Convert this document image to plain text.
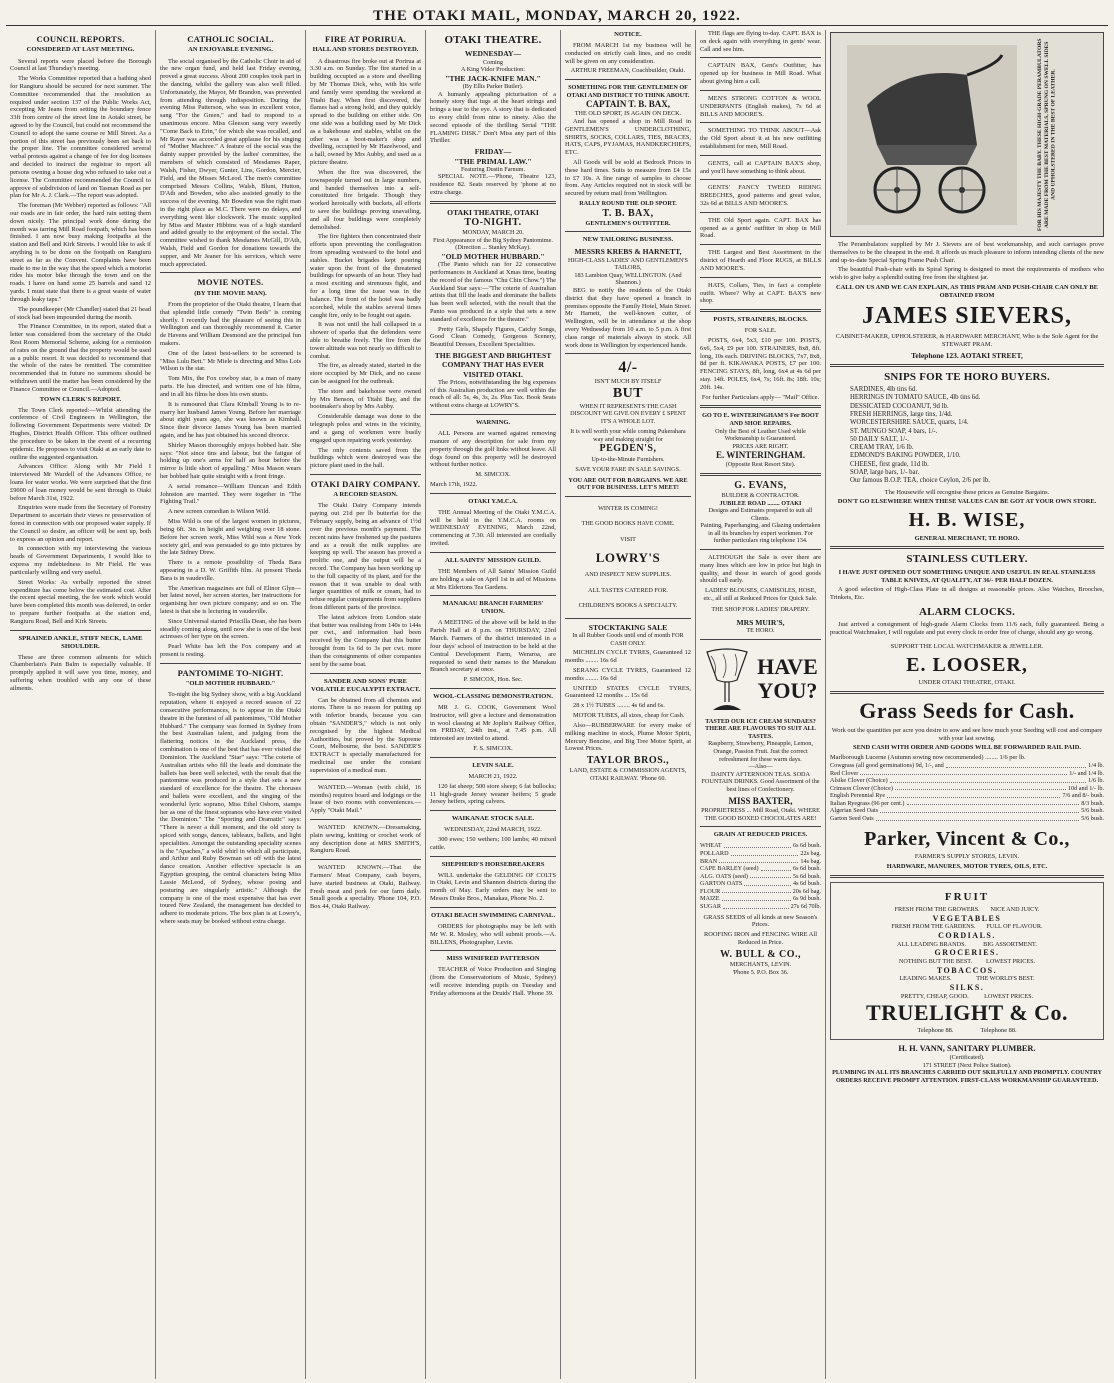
THE OTAKI MAIL, MONDAY, MARCH 20, 1922.
COUNCIL REPORTS.
CONSIDERED AT LAST MEETING.

Several reports were placed before the Borough Council at last Thursday's meeting.

The Works Committee reported that a bathing shed for Rangiuru should be secured for next summer. The Committee recommended that the resolution as required under section 137 of the Public Works Act, excepting Mr Jeans from setting the boundary fence 33ft from centre of the street line in Aotaki street, be agreed to by the Council, but could not recommend the Council to adopt the same course re Mill Street. As a portion of this street has previously been set back to the proper line. The committee considered several verbal protests against a change of fee for dog licenses and decided to instruct the registrar to report all persons owning a house dog who refused to take out a license. The Committee recommended the Council to approve of subdivision of land on Tasman Road as per plan for Mr A. J. Clark.—The report was adopted.

The foreman (Mr Webber) reported as follows: "All our roads are in fair order, the hard rain setting them down nicely. The principal work done during the month was tarring Mill Road footpath, which has been finished. I am now busy making footpaths at the station and Bell and Kirk Streets. I would like to ask if anything is to be done on the footpath on Rangiuru street as far as the Convent. Complaints have been made to me in the way that the speed which a motorist rides his motor bike through the town and on the roads. I have on hand some 25 barrels and sand 12 yards. I must state that there is a great waste of water through leaky taps."

The poundkeeper (Mr Chandler) stated that 21 head of stock had been impounded during the month.

The Finance Committee, in its report, stated that a letter was considered from the secretary of the Otaki Rest Room Memorial Scheme, asking for a remission of rates on the ground that the property would be used as a public resort. It was decided to recommend that the whole of the rates be remitted. The committee recommended that in future no summons should be withdrawn until the matter has been considered by the Finance Committee or Council.—Adopted.

TOWN CLERK'S REPORT.

The Town Clerk reported:—Whilst attending the conference of Civil Engineers in Wellington, the following Government Departments were visited: Dr Hughes, District Health Officer. This officer outlined the procedure to be taken in the event of a recurring epidemic. He proposes to visit Otaki at an early date to outline the suggested organisation.

Advances Office: Along with Mr Field I interviewed Mr Wardell of the Advances Office, re loans for water works. We were surprised that the first £9000 of loan money would be sent through to Otaki before March 31st, 1922.

Enquiries were made from the Secretary of Forestry Department to ascertain their views re preservation of forest in connection with our proposed water supply. If the Council so desire, an officer will be sent up, both to express an opinion and report.

In connection with my interviewing the various heads of Government Departments, I would like to express my indebtedness to Mr Field. He was particularly willing and very useful.

Street Works: As verbally reported the street expenditure has come below the estimated cost. After the recent special meeting, the fee work which would have been completed this month was deferred, in order to prepare further footpaths at the station end, Rangiuru Road, Bell and Kirk Streets.

SPRAINED ANKLE, STIFF NECK, LAME SHOULDER.

These are three common ailments for which Chamberlain's Pain Balm is especially valuable. If promptly applied it will save you time, money, and suffering when troubled with any one of these ailments.

CATHOLIC SOCIAL.
AN ENJOYABLE EVENING.

The social organised by the Catholic Choir in aid of the new organ fund, and held last Friday evening, proved a great success. About 200 couples took part in the dancing, whilst the gallery was also well filled. Unfortunately, the Mayor, Mr Brandon, was prevented from attending through indisposition. During the evening Miss Patterson, who was in excellent voice, sang "For the Green," and had to respond to a unanimous encore. Miss Gleeson sang very sweetly "Come Back to Erin," for which she was recalled, and Mr Rayer was accorded great applause for his singing of "Mother Machree." A feature of the social was the dainty supper provided by the ladies' committee, the members of which consisted of Mesdames Raper, Walsh, Fisher, Dwyer, Gunter, Lins, Gordon, Mercier, Field, and the Misses McLeod. The men's committee comprised Messrs Collins, Walsh, Blunt, Hutton, D'Ath and Bowden, who also assisted greatly to the success of the evening. Mr Bowden was the right man in the right place as M.C. There were no delays, and everything went like clockwork. The music supplied by Miss and Master Hibbins was of a high standard and added greatly to the enjoyment of the social. The committee wished to thank Mesdames McGill, D'Ath, Walsh, Field and Gordon for donations towards the supper, and Mr Jeaner for his services, which were much appreciated.

MOVIE NOTES.
(BY THE MOVIE MAN).

From the proprietor of the Otaki theatre, I learn that that splendid little comedy "Twin Beds" is coming shortly. I recently had the pleasure of seeing this in Wellington and can thoroughly recommend it. Carter de Havens and William Desmond are the principal fun makers.

One of the latest best-sellers to be screened is "Miss Lulu Bett." Mr Miele is directing and Miss Lois Wilson is the star.

Tom Mix, the Fox cowboy star, is a man of many parts. He has directed, and written one of his films, and in all his films he does his own stunts.

It is rumoured that Clara Kimball Young is to re-marry her husband James Young. Before her marriage about eight years ago, she was known as Kimball. Since their divorce James Young has been married again, and he has just obtained his second divorce.

Shirley Mason thoroughly enjoys bobbed hair. She says: "Not since tins and labour, but the fatigue of holding up one's arms for half an hour before the mirror is little short of appalling." Miss Mason wears her bobbed hair quite straight with a front fringe.

A serial romance—William Duncan and Edith Johnston are married. They were together in "The Fighting Trail."

A new screen comedian is Wilson Wild.

Miss Wild is one of the largest women in pictures, being 6ft. 3in. in height and weighing over 18 stone. Before her screen work, Miss Wild was a New York society girl, and was persuaded to go into pictures by the late Sidney Drew.

There is a remote possibility of Theda Bara appearing in a D. W. Griffith film. At present Theda Bara is in vaudeville.

The American magazines are full of Elinor Glyn—her latest novel, her screen stories, her instructions for organising her own picture company; and so on. The latest is that she is lecturing in vaudeville.

Since Universal started Priscilla Dean, she has been steadily coming along, until now she is one of the best actresses of her type on the screen.

Pearl White has left the Fox company and at present is resting.

PANTOMIME TO-NIGHT.
"OLD MOTHER HUBBARD."

To-night the big Sydney show, with a big Auckland reputation, where it enjoyed a record season of 22 consecutive performances, is to appear in the Otaki theatre in the funniest of all pantomimes, "Old Mother Hubbard." The company was formed in Sydney from the best Australian talent, and judging from the flattering notices in the Auckland press, the combination is one of the best that has ever visited the Dominion. The Auckland "Star" says: "The coterie of Australian artists who fill the leads and dominate the ballets has been well selected, with the result that the pantomime was produced in a style that sets a new standard of excellence for the theatre. The choruses and ballets were excellent, and the singing of the wonderful lyric soprano, Miss Ethel Osborn, stamps her as one of the finest sopranos who have ever visited the Dominion." The "Sporting and Dramatic" says: "There is never a dull moment, and the old story is spiced with songs, dances, tableaux, ballets, and light specialities. Amongst the outstanding speciality scenes is the "Apaches," a wild whirl in which all participate, and Arthur and Ruby Bowman set off with the latest dance creation. Another effective spectacle is an Egyptian grouping, the central characters being Miss Lassie McLeod, of Sydney, whose posing and posturing are singularly artistic." Although the company is one of the most expensive that has ever toured New Zealand, the management has decided to adhere to moderate prices. The box plan is at Lowry's, where seats may be booked without extra charge.

FIRE AT PORIRUA.
HALL AND STORES DESTROYED.

A disastrous fire broke out at Porirua at 3.30 a.m. on Sunday. The fire started in a building occupied as a store and dwelling by Mr Thomas Dick, who, with his wife and family were spending the weekend at Titahi Bay. When first discovered, the flames had a strong hold, and they quickly spread to the building on either side. On one side was a building used by Mr Dick as a bakehouse and stables, whilst on the other was a boot-maker's shop and dwelling, occupied by Mr Hazelwood, and a hall, owned by Mrs Aubby, and used as a picture theatre.

When the fire was discovered, the townspeople turned out in large numbers, and banded themselves into a self-constituted fire brigade. Though they worked heroically with buckets, all efforts to save the buildings proving unavailing, and all four buildings were completely demolished.

The fire fighters then concentrated their efforts upon preventing the conflagration from spreading westward to the hotel and stables. Bucket brigades kept pouring water upon the front of the threatened buildings for upwards of an hour. They had a most exciting and strenuous fight, and for a long time the issue was in the balance. The front of the hotel was badly scorched, while the stables several times caught fire, only to be fought out again.

It was not until the hall collapsed in a shower of sparks that the defenders were able to breathe freely. The fire from the tower altitude was not nearly so difficult to combat.

The fire, as already stated, started in the store occupied by Mr Dick, and no cause can be assigned for the outbreak.

The store and bakehouse were owned by Mrs Benson, of Titahi Bay, and the bootmaker's shop by Mrs Aubby.

Considerable damage was done to the telegraph poles and wires in the vicinity, and a gang of workmen were busily engaged upon repairing work yesterday.

The only contents saved from the buildings which were destroyed was the picture plant used in the hall.

OTAKI DAIRY COMPANY.
A RECORD SEASON.

The Otaki Dairy Company intends paying out 21d per lb butterfat for the February supply, being an advance of 1½d over the previous month's payment. The recent rains have freshened up the pastures and as a result the milk supplies are keeping up well. The season has proved a prolific one, and the output will be a record. The Company has been working up to the full capacity of its plant, and for the reason that it was unable to deal with larger quantities of milk or cream, had to refuse regular consignments from suppliers from different parts of the province.

The latest advices from London state that butter was realising from 140s to 144s per cwt., and information had been received by the Company that this butter brought from 1s 6d to 3s per cwt. more than the consignments of other companies sent by the same boat.

SANDER AND SONS' PURE VOLATILE EUCALYPTI EXTRACT.

Can be obtained from all chemists and stores. There is no reason for putting up with inferior brands, because you can obtain "SANDER'S," which is not only recognised by the highest Medical Authorities, but proved by the Supreme Court, Melbourne, the best. SANDER'S EXTRACT is specially manufactured for medicinal use under the constant supervision of a medical man.

WANTED.—Woman (with child, 16 months) requires board and lodgings or the lease of two rooms with conveniences.—Apply "Otaki Mail."

WANTED KNOWN.—Dressmaking, plain sewing, knitting or crochet work of any description done at MRS SMITH'S, Rangiuru Road.

WANTED KNOWN.—That the Farmers' Meat Company, cash buyers, have started business at Otaki, Railway. Fresh meat and pork for our farm daily. Small goods a speciality. 'Phone 104, P.O. Box 44, Otaki Railway.

OTAKI THEATRE.
WEDNESDAY—
Coming
A King Vidor Production:
"THE JACK-KNIFE MAN."
(By Ellis Parker Butler).

A humanly appealing picturisation of a homely story that tugs at the heart strings and brings a tear to the eye. A story that is dedicated to every child from nine to ninety. Also the second episode of the thrilling Serial "THE FLAMING DISK." Don't Miss any part of this Thriller.

FRIDAY—
"THE PRIMAL LAW."
Featuring Dustin Farnum.

SPECIAL NOTE.—'Phone, Theatre 123, residence 82. Seats reserved by 'phone at no extra charge.

OTAKI THEATRE, OTAKI
TO-NIGHT.
MONDAY, MARCH 20.
First Appearance of the Big Sydney Pantomime.
(Direction ... Stanley McKay).
"OLD MOTHER HUBBARD."

(The Panto which ran for 22 consecutive performances in Auckland at Xmas time, beating the record of the famous "Chu Chin Chow.") The Auckland Star says:—"The coterie of Australian artists that fill the leads and dominate the ballets has been well selected, with the result that the Panto was produced in a style that sets a new standard of excellence for the theatre."

Pretty Girls, Shapely Figures, Catchy Songs, Good Clean Comedy, Gorgeous Scenery, Beautiful Dresses, Excellent Specialities.

THE BIGGEST AND BRIGHTEST COMPANY THAT HAS EVER VISITED OTAKI.

The Prices, notwithstanding the big expenses of this Australian production are well within the reach of all: 5s, 4s, 3s, 2s. Plus Tax. Book Seats without extra charge at LOWRY'S.

WARNING.

ALL Persons are warned against removing manure of any description for sale from my property through the golf links without leave. All dogs found on this property will be destroyed without further notice.

M. SIMCOX.
March 17th, 1922.
OTAKI Y.M.C.A.

THE Annual Meeting of the Otaki Y.M.C.A. will be held in the Y.M.C.A. rooms on WEDNESDAY EVENING, March 22nd, commencing at 7.30. All interested are cordially invited.

ALL SAINTS' MISSION GUILD.

THE Members of All Saints' Mission Guild are holding a sale on April 1st in aid of Missions at Mrs Eldertons Tea Gardens.

MANAKAU BRANCH FARMERS' UNION.

A MEETING of the above will be held in the Parish Hall at 8 p.m. on THURSDAY, 23rd March. Farmers of the district interested in a four days' school of instruction to be held at the Central Development Farm, Weraroa, are requested to send their names to the Manakau Branch secretary at once.

P. SIMCOX, Hon. Sec.
WOOL-CLASSING DEMONSTRATION.

MR J. G. COOK, Government Wool Instructor, will give a lecture and demonstration in wool classing at Mr Joplin's Railway Office, on FRIDAY, 24th inst., at 7.45 p.m. All interested are invited to attend.

F. S. SIMCOX.
LEVIN SALE.
MARCH 21, 1922.

120 fat sheep; 500 store sheep; 6 fat bullocks; 11 high-grade Jersey weaner heifers; 5 grade Jersey heifers, spring calvers.

WAIKANAE STOCK SALE.
WEDNESDAY, 22nd MARCH, 1922.

300 ewes; 150 wethers; 100 lambs; 40 mixed cattle.

SHEPHERD'S HORSEBREAKERS

WILL undertake the GELDING OF COLTS in Otaki, Levin and Shannon districts during the month of May. Early orders may be sent to Messrs Drake Bros., Manakau, Phone No. 2.

OTAKI BEACH SWIMMING CARNIVAL.

ORDERS for photographs may be left with Mr W. R. Mosley, who will submit proofs.—A. BILLENS, Photographer, Levin.

MISS WINIFRED PATTERSON

TEACHER of Voice Production and Singing (from the Conservatorium of Music, Sydney) will receive intending pupils on Tuesday and Friday afternoons at the Druids' Hall. 'Phone 39.

NOTICE.

FROM MARCH 1st my business will be conducted on strictly cash lines, and no credit will be given on any consideration.

ARTHUR FREEMAN, Coachbuilder, Otaki.
SOMETHING FOR THE GENTLEMEN OF OTAKI AND DISTRICT TO THINK ABOUT.
CAPTAIN T. B. BAX,
THE OLD SPORT, IS AGAIN ON DECK.

And has opened a shop in Mill Road in GENTLEMEN'S UNDERCLOTHING, SHIRTS, SOCKS, COLLARS, TIES, BRACES, HATS, CAPS, PYJAMAS, HANDKERCHIEFS, ETC.

All Goods will be sold at Bedrock Prices in these hard times. Suits to measure from £4 15s to £7 10s. A fine range of samples to choose from. Any Articles required not in stock will be secured by return mail from Wellington.

RALLY ROUND THE OLD SPORT.
T. B. BAX,
GENTLEMEN'S OUTFITTER.
NEW TAILORING BUSINESS.
MESSRS KREBS & HARNETT,
HIGH-CLASS LADIES' AND GENTLEMEN'S TAILORS,
183 Lambton Quay, WELLINGTON. (And Shannon.)

BEG to notify the residents of the Otaki district that they have opened a branch in premises opposite the Family Hotel, Main Street. Mr Harnett, the well-known cutter, of Wellington, will be in attendance at the shop every Wednesday from 10 a.m. to 5 p.m. A first class range of materials always in stock. All work done in Wellington by experienced hands.

4/-
ISN'T MUCH BY ITSELF
BUT
WHEN IT REPRESENTS THE CASH DISCOUNT WE GIVE ON EVERY £ SPENT IT'S A WHOLE LOT.
It is well worth your while coming Pukerahara way and making straight for
PEGDEN'S,
Up-to-the-Minute Furnishers.
SAVE YOUR FARE IN SALE SAVINGS.
YOU ARE OUT FOR BARGAINS. WE ARE OUT FOR BUSINESS. LET'S MEET!
WINTER IS COMING!
THE GOOD BOOKS HAVE COME.
VISIT
LOWRY'S
AND INSPECT NEW SUPPLIES.
ALL TASTES CATERED FOR.
CHILDREN'S BOOKS A SPECIALTY.
STOCKTAKING SALE
In all Rubber Goods until end of month FOR CASH ONLY.

MICHELIN CYCLE TYRES, Guaranteed 12 months ........ 16s 6d

SERANG CYCLE TYRES, Guaranteed 12 months ........ 16s 6d

UNITED STATES CYCLE TYRES, Guaranteed 12 months ... 15s 6d

28 x 1½ TUBES ........ 4s 6d and 6s.

MOTOR TUBES, all sizes, cheap for Cash.

Also—RUBBERWARE for every make of milking machine in stock, Plume Motor Spirit, Mercury Benzine, and Big Tree Motor Spirit, at Lowest Prices.

TAYLOR BROS.,
LAND, ESTATE & COMMISSION AGENTS,
OTAKI RAILWAY. 'Phone 60.

THE flags are flying to-day. CAPT. BAX is on deck again with everything in gents' wear. Call and see him.

CAPTAIN BAX, Gent's Outfitter, has opened up for business in Mill Road. What about giving him a call.

MEN'S STRONG COTTON & WOOL UNDERPANTS (English makes), 7s 6d at BILLS AND MOORE'S.

SOMETHING TO THINK ABOUT—Ask the Old Sport about it at his new outfitting establishment for men, Mill Road.

GENTS, call at CAPTAIN BAX'S shop, and you'll have something to think about.

GENTS' FANCY TWEED RIDING BREECHES, good patterns and great value, 32s 6d at BILLS AND MOORE'S.

THE Old Sport again. CAPT. BAX has opened as a gents' outfitter in shop in Mill Road.

THE Largest and Best Assortment in the district of Hearth and Floor RUGS, at BILLS AND MOORE'S.

HATS, Collars, Ties, in fact a complete outfit. Where? Why at CAPT. BAX'S new shop.

POSTS, STRAINERS, BLOCKS.
FOR SALE.

POSTS, 6x4, 5x3, £10 per 100. POSTS, 6x6, 5x4, £9 per 100. STRAINERS, 8x8, 8ft. long, 10s each. DRIVING BLOCKS, 7x7, 8x8, 8d per ft. KIKAWAKA POSTS, £7 per 100. FENCING STAYS, 8ft, long, 6x4 at 4s 6d per stay. 14ft. POLES, 6x4, 7s; 16ft. 8s; 18ft. 10s; 20ft. 14s.

For further Particulars apply— "Mail" Office.
GO TO E. WINTERINGHAM'S For BOOT AND SHOE REPAIRS.
Only the Best of Leather Used while Workmanship is Guaranteed.
PRICES ARE RIGHT.
E. WINTERINGHAM.
(Opposite Rest Resort Site).
G. EVANS,
BUILDER & CONTRACTOR.
JUBILEE ROAD ........ OTAKI
Designs and Estimates prepared to suit all Clients.
Painting, Paperhanging, and Glazing undertaken in all its branches by expert workmen. For further particulars ring telephone 134.

ALTHOUGH the Sale is over there are many lines which are low in price but high in quality, and those in search of good goods should call early.

LADIES' BLOUSES, CAMISOLES, HOSE, etc., all still at Reduced Prices for Quick Sale.
THE SHOP FOR LADIES' DRAPERY.
MRS MUIR'S,
TE HORO.
HAVE
YOU?
TASTED OUR ICE CREAM SUNDAES? THERE ARE FLAVOURS TO SUIT ALL TASTES.
Raspberry, Strawberry, Pineapple, Lemon, Orange, Passion Fruit. Just the correct refreshment for these warm days.
—Also—
DAINTY AFTERNOON TEAS. SODA FOUNTAIN DRINKS. Good Assortment of the best lines of Confectionery.
MISS BAXTER,
PROPRIETRESS ... Mill Road, Otaki. WHERE THE GOOD BOXED CHOCOLATES ARE!
GRAIN AT REDUCED PRICES.
WHEAT	6s 6d bush.
POLLARD	22s bag.
BRAN	14s bag.
CAPE BARLEY (seed)	6s 6d bush.
ALG. OATS (seed)	5s 6d bush.
GARTON OATS	4s 6d bush.
FLOUR	20s 6d bag.
MAIZE	6s 9d bush.
SUGAR	27s 6d 70lb.
GRASS SEEDS of all kinds at new Season's Prices.
ROOFING IRON and FENCING WIRE All Reduced in Price.
W. BULL & CO.,
MERCHANTS, LEVIN.
'Phone 5. P.O. Box 36.
FOR HIS MAJESTY THE BABY. THESE HIGH-GRADE PERAMBULATORS ARE MADE FROM THE BEST MATERIALS, SPRUNG ON SWELL SIDES AND UPHOLSTERED IN THE BEST OF LEATHER.

The Perambulators supplied by Mr J. Sievers are of best workmanship, and such carriages prove themselves to be the cheapest in the end. It affords us much pleasure to inform intending clients of the new and up-to-date Special Spring Frame Push Chair.

The beautiful Push-chair with its Spiral Spring is designed to meet the requirements of mothers who wish to give baby a splendid outing free from the slightest jar.

CALL ON US AND WE CAN EXPLAIN, AS THIS PRAM AND PUSH-CHAIR CAN ONLY BE OBTAINED FROM
JAMES SIEVERS,
CABINET-MAKER, UPHOLSTERER, & HARDWARE MERCHANT, Who is the Sole Agent for the STEWART PRAM.
Telephone 123. AOTAKI STREET,
SNIPS FOR TE HORO BUYERS.
SARDINES, 4lb tins 6d.
HERRINGS IN TOMATO SAUCE, 4lb tins 6d.
DESSICATED COCOANUT, 9d lb.
FRESH HERRINGS, large tins, 1/4d.
WORCESTERSHIRE SAUCE, quarts, 1/4.
ST. MUNGO SOAP, 4 bars, 1/-.
50 DAILY SALT, 1/-.
CREAM TRAY, 1/6 lb.
EDMOND'S BAKING POWDER, 1/10.
CHEESE, first grade, 11d lb.
SOAP, large bars, 1/- bar.
Our famous B.O.P. TEA, choice Ceylon, 2/6 per lb.
The Housewife will recognise these prices as Genuine Bargains.
DON'T GO ELSEWHERE WHEN THESE VALUES CAN BE GOT AT YOUR OWN STORE.
H. B. WISE,
GENERAL MERCHANT, TE HORO.
STAINLESS CUTLERY.
I HAVE JUST OPENED OUT SOMETHING UNIQUE AND USEFUL IN REAL STAINLESS TABLE KNIVES, AT QUALITY, AT 36/- PER HALF DOZEN.

A good selection of High-Class Plate in all designs at reasonable prices. Also Watches, Brooches, Trinkets, Etc.

ALARM CLOCKS.

Just arrived a consignment of high-grade Alarm Clocks from 11/6 each, fully guaranteed. Being a practical Watchmaker, I will regulate and put every clock in order free of charge, should any go wrong.

SUPPORT THE LOCAL WATCHMAKER & JEWELLER.
E. LOOSER,
UNDER OTAKI THEATRE, OTAKI.
Grass Seeds for Cash.
Work out the quantities per acre you desire to sow and see how much your Seeding will cost and compare with your last sowing.
SEND CASH WITH ORDER AND GOODS WILL BE FORWARDED RAIL PAID.
Marlborough Lucerne (Autumn sowing now recommended) ........ 1/6 per lb.
Cowgrass (all good germinations) 9d, 1/-, and	1/4 lb.
Red Clover	1/- and 1/4 lb.
Alsike Clover (Choice)	1/6 lb.
Crimson Clover (Choice)	10d and 1/- lb.
English Perennial Rye	7/6 and 8/- bush.
Italian Ryegrass (96 per cent.)	8/3 bush.
Algerian Seed Oats	5/6 bush.
Garton Seed Oats	5/6 bush.
Parker, Vincent & Co.,
FARMER'S SUPPLY STORES, LEVIN.
HARDWARE, MANURES, MOTOR TYRES, OILS, ETC.
FRUIT
FRESH FROM THE GROWERS.       NICE AND JUICY.
VEGETABLES
FRESH FROM THE GARDENS.       FULL OF FLAVOUR.
CORDIALS.
ALL LEADING BRANDS.           BIG ASSORTMENT.
GROCERIES.
NOTHING BUT THE BEST.         LOWEST PRICES.
TOBACCOS.
LEADING MAKES.                THE WORLD'S BEST.
SILKS.
PRETTY, CHEAP, GOOD.          LOWEST PRICES.
TRUELIGHT & Co.
Telephone 88.                 Telephone 88.
H. H. VANN, SANITARY PLUMBER.
(Certificated).
171 STREET (Next Police Station).
PLUMBING IN ALL ITS BRANCHES CARRIED OUT SKILFULLY AND PROMPTLY. COUNTRY ORDERS RECEIVE PROMPT ATTENTION. FIRST-CLASS WORKMANSHIP GUARANTEED.
